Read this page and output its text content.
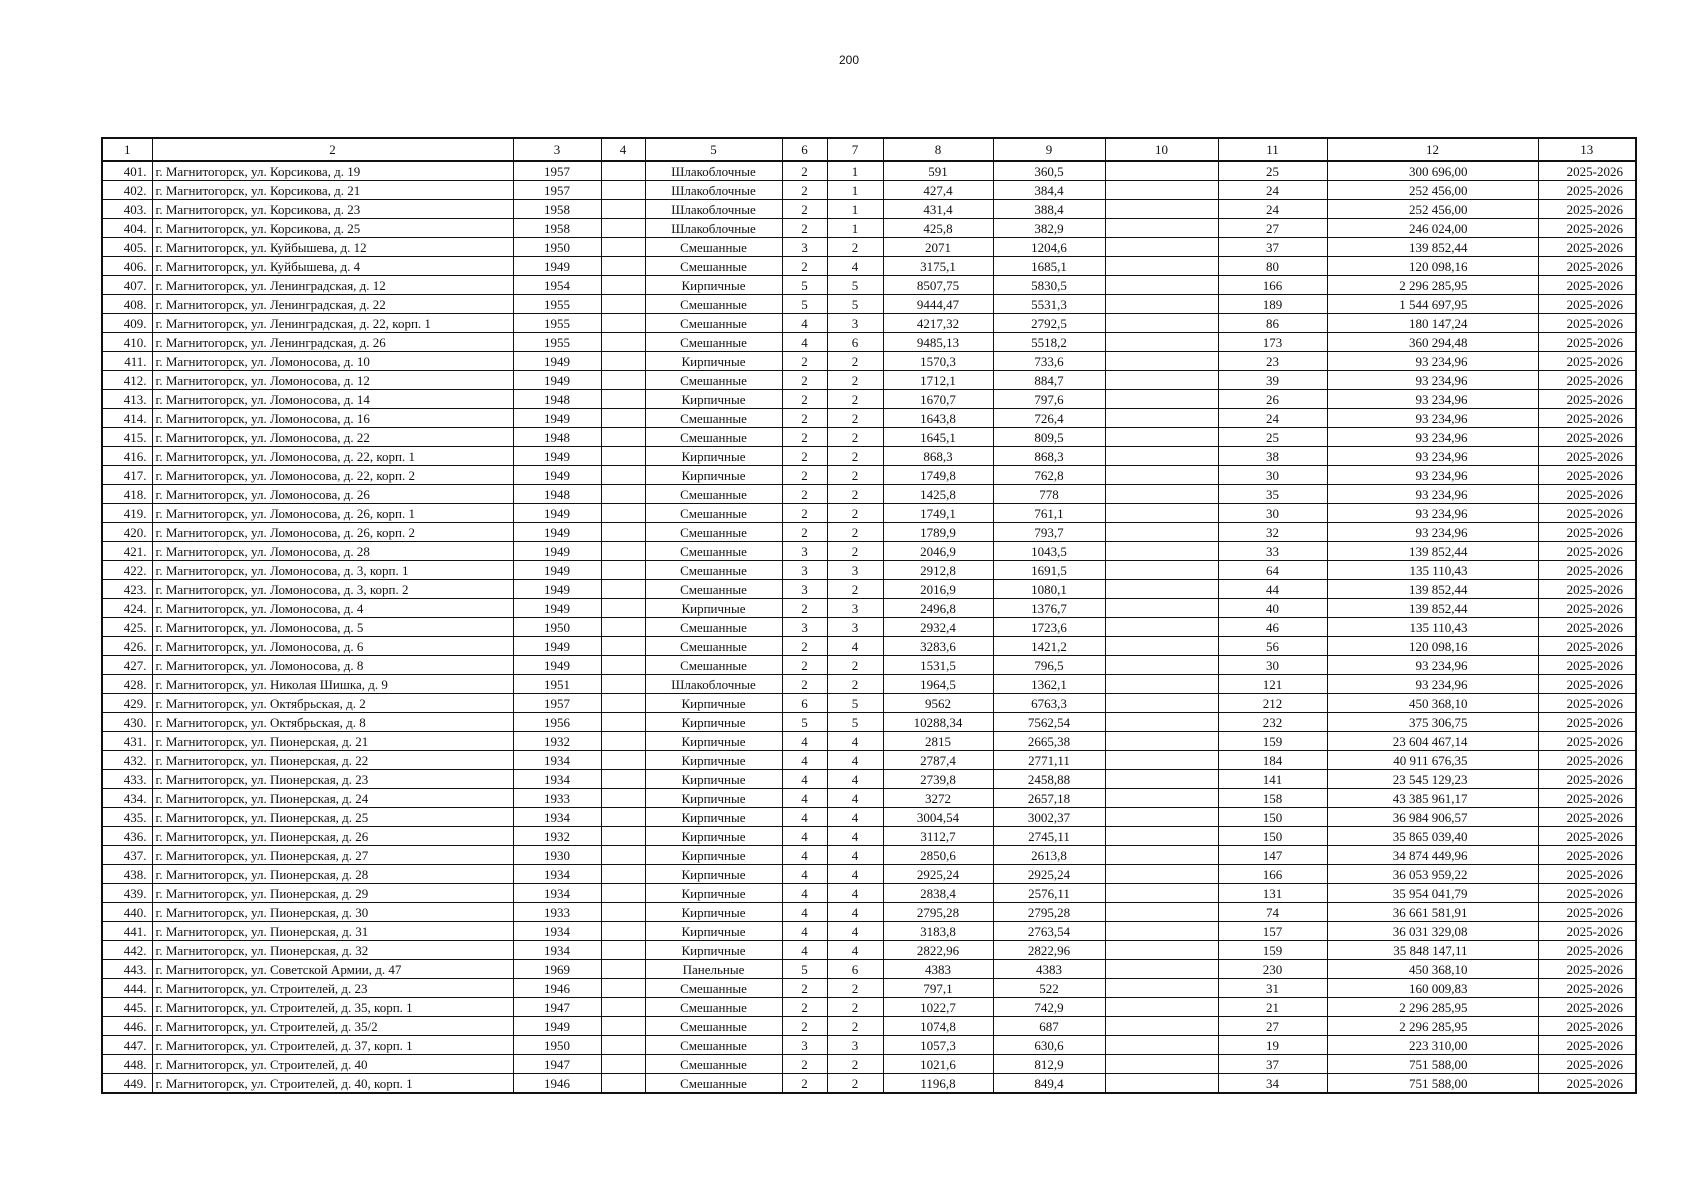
200
1	2	3	4	5	6	7	8	9	10	11	12	13
401.	г. Магнитогорск, ул. Корсикова, д. 19	1957		Шлакоблочные	2	1	591	360,5		25	300 696,00	2025-2026
402.	г. Магнитогорск, ул. Корсикова, д. 21	1957		Шлакоблочные	2	1	427,4	384,4		24	252 456,00	2025-2026
403.	г. Магнитогорск, ул. Корсикова, д. 23	1958		Шлакоблочные	2	1	431,4	388,4		24	252 456,00	2025-2026
404.	г. Магнитогорск, ул. Корсикова, д. 25	1958		Шлакоблочные	2	1	425,8	382,9		27	246 024,00	2025-2026
405.	г. Магнитогорск, ул. Куйбышева, д. 12	1950		Смешанные	3	2	2071	1204,6		37	139 852,44	2025-2026
406.	г. Магнитогорск, ул. Куйбышева, д. 4	1949		Смешанные	2	4	3175,1	1685,1		80	120 098,16	2025-2026
407.	г. Магнитогорск, ул. Ленинградская, д. 12	1954		Кирпичные	5	5	8507,75	5830,5		166	2 296 285,95	2025-2026
408.	г. Магнитогорск, ул. Ленинградская, д. 22	1955		Смешанные	5	5	9444,47	5531,3		189	1 544 697,95	2025-2026
409.	г. Магнитогорск, ул. Ленинградская, д. 22, корп. 1	1955		Смешанные	4	3	4217,32	2792,5		86	180 147,24	2025-2026
410.	г. Магнитогорск, ул. Ленинградская, д. 26	1955		Смешанные	4	6	9485,13	5518,2		173	360 294,48	2025-2026
411.	г. Магнитогорск, ул. Ломоносова, д. 10	1949		Кирпичные	2	2	1570,3	733,6		23	93 234,96	2025-2026
412.	г. Магнитогорск, ул. Ломоносова, д. 12	1949		Смешанные	2	2	1712,1	884,7		39	93 234,96	2025-2026
413.	г. Магнитогорск, ул. Ломоносова, д. 14	1948		Кирпичные	2	2	1670,7	797,6		26	93 234,96	2025-2026
414.	г. Магнитогорск, ул. Ломоносова, д. 16	1949		Смешанные	2	2	1643,8	726,4		24	93 234,96	2025-2026
415.	г. Магнитогорск, ул. Ломоносова, д. 22	1948		Смешанные	2	2	1645,1	809,5		25	93 234,96	2025-2026
416.	г. Магнитогорск, ул. Ломоносова, д. 22, корп. 1	1949		Кирпичные	2	2	868,3	868,3		38	93 234,96	2025-2026
417.	г. Магнитогорск, ул. Ломоносова, д. 22, корп. 2	1949		Кирпичные	2	2	1749,8	762,8		30	93 234,96	2025-2026
418.	г. Магнитогорск, ул. Ломоносова, д. 26	1948		Смешанные	2	2	1425,8	778		35	93 234,96	2025-2026
419.	г. Магнитогорск, ул. Ломоносова, д. 26, корп. 1	1949		Смешанные	2	2	1749,1	761,1		30	93 234,96	2025-2026
420.	г. Магнитогорск, ул. Ломоносова, д. 26, корп. 2	1949		Смешанные	2	2	1789,9	793,7		32	93 234,96	2025-2026
421.	г. Магнитогорск, ул. Ломоносова, д. 28	1949		Смешанные	3	2	2046,9	1043,5		33	139 852,44	2025-2026
422.	г. Магнитогорск, ул. Ломоносова, д. 3, корп. 1	1949		Смешанные	3	3	2912,8	1691,5		64	135 110,43	2025-2026
423.	г. Магнитогорск, ул. Ломоносова, д. 3, корп. 2	1949		Смешанные	3	2	2016,9	1080,1		44	139 852,44	2025-2026
424.	г. Магнитогорск, ул. Ломоносова, д. 4	1949		Кирпичные	2	3	2496,8	1376,7		40	139 852,44	2025-2026
425.	г. Магнитогорск, ул. Ломоносова, д. 5	1950		Смешанные	3	3	2932,4	1723,6		46	135 110,43	2025-2026
426.	г. Магнитогорск, ул. Ломоносова, д. 6	1949		Смешанные	2	4	3283,6	1421,2		56	120 098,16	2025-2026
427.	г. Магнитогорск, ул. Ломоносова, д. 8	1949		Смешанные	2	2	1531,5	796,5		30	93 234,96	2025-2026
428.	г. Магнитогорск, ул. Николая Шишка, д. 9	1951		Шлакоблочные	2	2	1964,5	1362,1		121	93 234,96	2025-2026
429.	г. Магнитогорск, ул. Октябрьская, д. 2	1957		Кирпичные	6	5	9562	6763,3		212	450 368,10	2025-2026
430.	г. Магнитогорск, ул. Октябрьская, д. 8	1956		Кирпичные	5	5	10288,34	7562,54		232	375 306,75	2025-2026
431.	г. Магнитогорск, ул. Пионерская, д. 21	1932		Кирпичные	4	4	2815	2665,38		159	23 604 467,14	2025-2026
432.	г. Магнитогорск, ул. Пионерская, д. 22	1934		Кирпичные	4	4	2787,4	2771,11		184	40 911 676,35	2025-2026
433.	г. Магнитогорск, ул. Пионерская, д. 23	1934		Кирпичные	4	4	2739,8	2458,88		141	23 545 129,23	2025-2026
434.	г. Магнитогорск, ул. Пионерская, д. 24	1933		Кирпичные	4	4	3272	2657,18		158	43 385 961,17	2025-2026
435.	г. Магнитогорск, ул. Пионерская, д. 25	1934		Кирпичные	4	4	3004,54	3002,37		150	36 984 906,57	2025-2026
436.	г. Магнитогорск, ул. Пионерская, д. 26	1932		Кирпичные	4	4	3112,7	2745,11		150	35 865 039,40	2025-2026
437.	г. Магнитогорск, ул. Пионерская, д. 27	1930		Кирпичные	4	4	2850,6	2613,8		147	34 874 449,96	2025-2026
438.	г. Магнитогорск, ул. Пионерская, д. 28	1934		Кирпичные	4	4	2925,24	2925,24		166	36 053 959,22	2025-2026
439.	г. Магнитогорск, ул. Пионерская, д. 29	1934		Кирпичные	4	4	2838,4	2576,11		131	35 954 041,79	2025-2026
440.	г. Магнитогорск, ул. Пионерская, д. 30	1933		Кирпичные	4	4	2795,28	2795,28		74	36 661 581,91	2025-2026
441.	г. Магнитогорск, ул. Пионерская, д. 31	1934		Кирпичные	4	4	3183,8	2763,54		157	36 031 329,08	2025-2026
442.	г. Магнитогорск, ул. Пионерская, д. 32	1934		Кирпичные	4	4	2822,96	2822,96		159	35 848 147,11	2025-2026
443.	г. Магнитогорск, ул. Советской Армии, д. 47	1969		Панельные	5	6	4383	4383		230	450 368,10	2025-2026
444.	г. Магнитогорск, ул. Строителей, д. 23	1946		Смешанные	2	2	797,1	522		31	160 009,83	2025-2026
445.	г. Магнитогорск, ул. Строителей, д. 35, корп. 1	1947		Смешанные	2	2	1022,7	742,9		21	2 296 285,95	2025-2026
446.	г. Магнитогорск, ул. Строителей, д. 35/2	1949		Смешанные	2	2	1074,8	687		27	2 296 285,95	2025-2026
447.	г. Магнитогорск, ул. Строителей, д. 37, корп. 1	1950		Смешанные	3	3	1057,3	630,6		19	223 310,00	2025-2026
448.	г. Магнитогорск, ул. Строителей, д. 40	1947		Смешанные	2	2	1021,6	812,9		37	751 588,00	2025-2026
449.	г. Магнитогорск, ул. Строителей, д. 40, корп. 1	1946		Смешанные	2	2	1196,8	849,4		34	751 588,00	2025-2026
